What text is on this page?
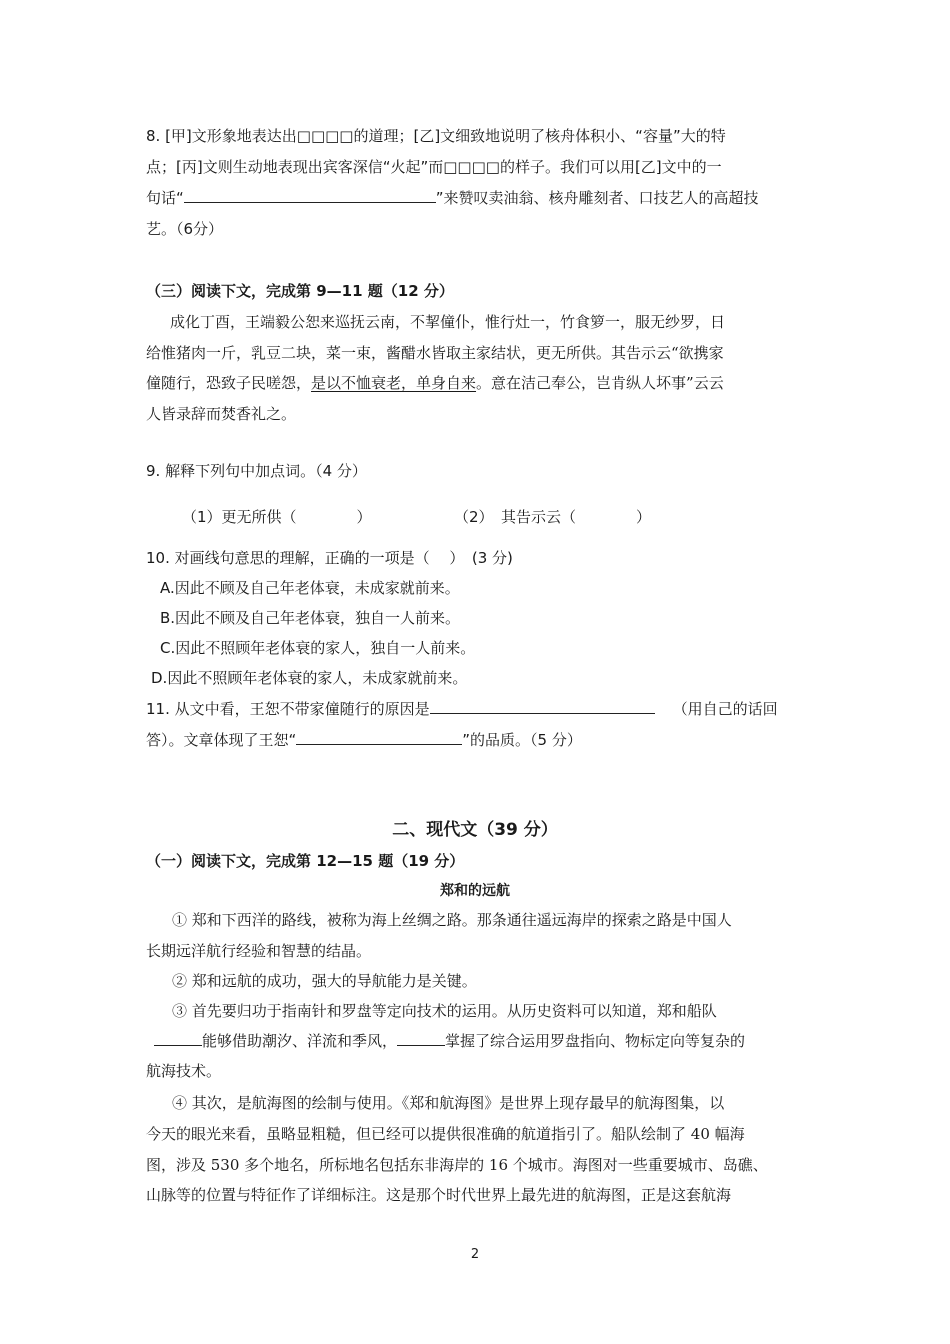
8. [甲]文形象地表达出□□□□的道理；[乙]文细致地说明了核舟体积小、“容量”大的特
点；[丙]文则生动地表现出宾客深信“火起”而□□□□的样子。我们可以用[乙]文中的一
句话“	”来赞叹卖油翁、核舟雕刻者、口技艺人的高超技
艺。（6分）
（三）阅读下文，完成第 9—11 题（12 分）
成化丁酉，王端毅公恕来巡抚云南，不挈僮仆，惟行灶一，竹食箩一，服无纱罗，日
给惟猪肉一斤，乳豆二块，菜一束，酱醋水皆取主家结状，更无所供。其告示云“欲携家
僮随行，恐致子民嗟怨，是以不恤衰老，单身自来。意在洁己奉公，岂肯纵人坏事”云云
人皆录辞而焚香礼之。
9. 解释下列句中加点词。（4 分）
（1）更无所供（　　　　）	（2）　其告示云（　　　　）
10. 对画线句意思的理解，正确的一项是（　 ）　(3 分)
A.因此不顾及自己年老体衰，未成家就前来。
B.因此不顾及自己年老体衰，独自一人前来。
C.因此不照顾年老体衰的家人，独自一人前来。
D.因此不照顾年老体衰的家人，未成家就前来。
11. 从文中看，王恕不带家僮随行的原因是	（用自己的话回
答）。文章体现了王恕“	”的品质。（5 分）
二、现代文（39 分）
（一）阅读下文，完成第 12—15 题（19 分）
郑和的远航
① 郑和下西洋的路线，被称为海上丝绸之路。那条通往遥远海岸的探索之路是中国人
长期远洋航行经验和智慧的结晶。
② 郑和远航的成功，强大的导航能力是关键。
③ 首先要归功于指南针和罗盘等定向技术的运用。从历史资料可以知道，郑和船队
能够借助潮汐、洋流和季风，	掌握了综合运用罗盘指向、物标定向等复杂的
航海技术。
④ 其次，是航海图的绘制与使用。《郑和航海图》是世界上现存最早的航海图集，以
今天的眼光来看，虽略显粗糙，但已经可以提供很准确的航道指引了。船队绘制了 40 幅海
图，涉及 530 多个地名，所标地名包括东非海岸的 16 个城市。海图对一些重要城市、岛礁、
山脉等的位置与特征作了详细标注。这是那个时代世界上最先进的航海图，正是这套航海
2
